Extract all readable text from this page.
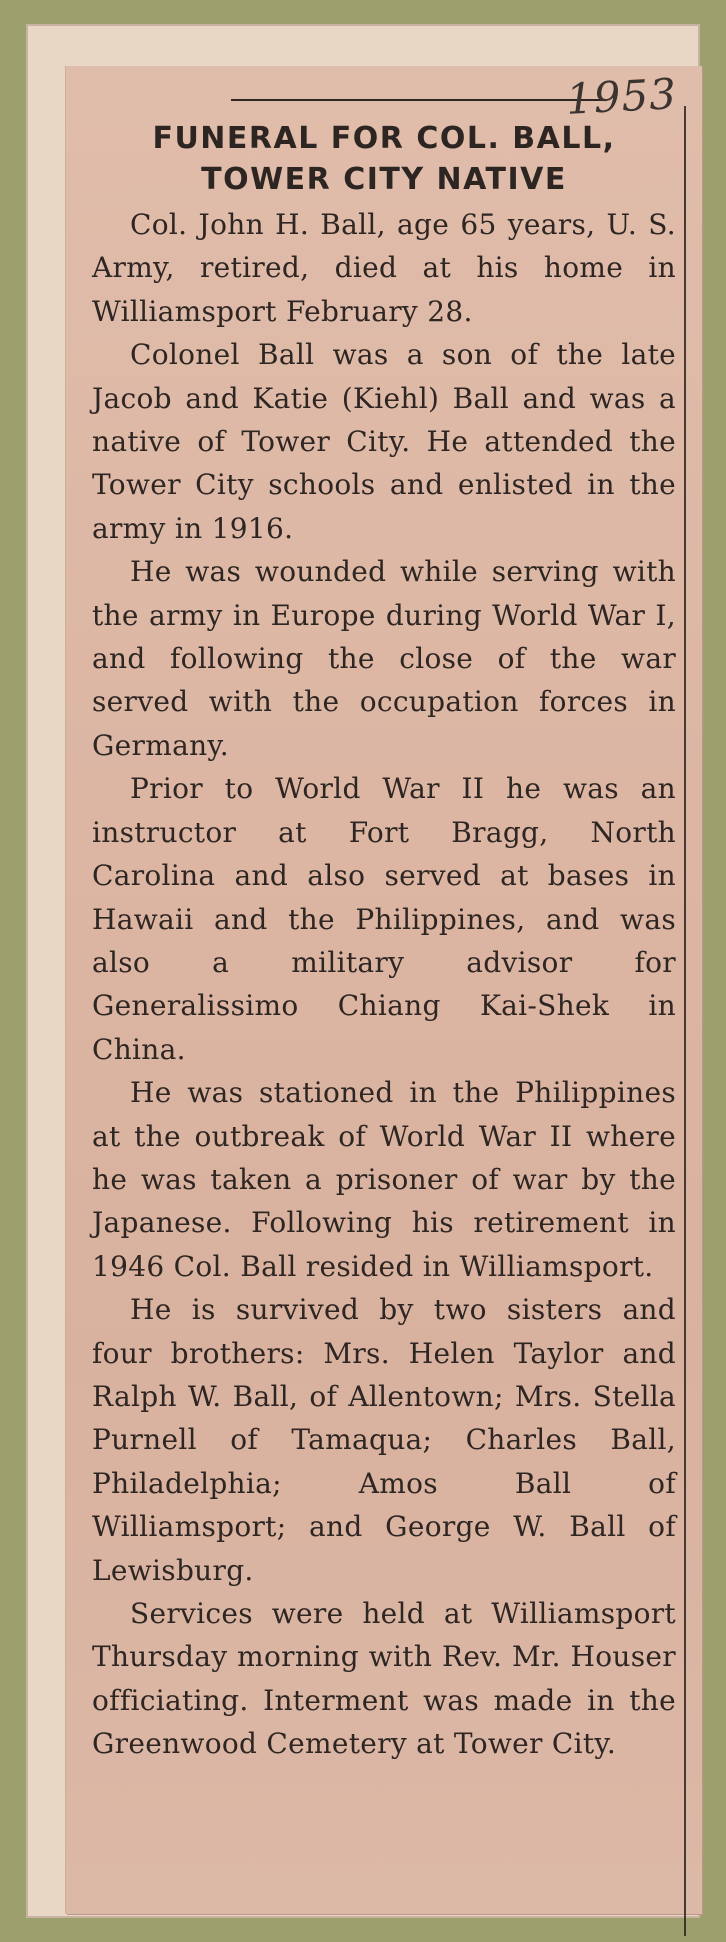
1953
FUNERAL FOR COL. BALL,
TOWER CITY NATIVE

Col. John H. Ball, age 65 years, U. S. Army, retired, died at his home in Williamsport February 28.

Colonel Ball was a son of the late Jacob and Katie (Kiehl) Ball and was a native of Tower City. He attended the Tower City schools and enlisted in the army in 1916.

He was wounded while serving with the army in Europe during World War I, and following the close of the war served with the occupation forces in Germany.

Prior to World War II he was an instructor at Fort Bragg, North Carolina and also served at bases in Hawaii and the Philippines, and was also a military advisor for Generalissimo Chiang Kai-Shek in China.

He was stationed in the Philippines at the outbreak of World War II where he was taken a prisoner of war by the Japanese. Following his retirement in 1946 Col. Ball resided in Williamsport.

He is survived by two sisters and four brothers: Mrs. Helen Taylor and Ralph W. Ball, of Allentown; Mrs. Stella Purnell of Tamaqua; Charles Ball, Philadelphia; Amos Ball of Williamsport; and George W. Ball of Lewisburg.

Services were held at Williamsport Thursday morning with Rev. Mr. Houser officiating. Interment was made in the Greenwood Cemetery at Tower City.
